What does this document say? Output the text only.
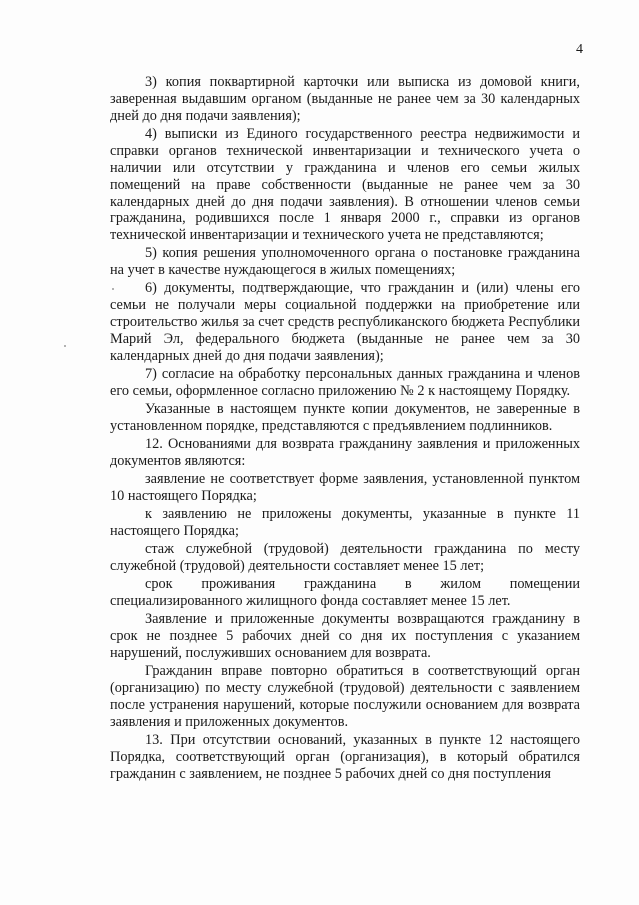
4

3) копия поквартирной карточки или выписка из домовой книги, заверенная выдавшим органом (выданные не ранее чем за 30 календарных дней до дня подачи заявления);

4) выписки из Единого государственного реестра недвижимости и справки органов технической инвентаризации и технического учета о наличии или отсутствии у гражданина и членов его семьи жилых помещений на праве собственности (выданные не ранее чем за 30 календарных дней до дня подачи заявления). В отношении членов семьи гражданина, родившихся после 1 января 2000 г., справки из органов технической инвентаризации и технического учета не представляются;

5) копия решения уполномоченного органа о постановке гражданина на учет в качестве нуждающегося в жилых помещениях;

6) документы, подтверждающие, что гражданин и (или) члены его семьи не получали меры социальной поддержки на приобретение или строительство жилья за счет средств республиканского бюджета Республики Марий Эл, федерального бюджета (выданные не ранее чем за 30 календарных дней до дня подачи заявления);

7) согласие на обработку персональных данных гражданина и членов его семьи, оформленное согласно приложению № 2 к настоящему Порядку.

Указанные в настоящем пункте копии документов, не заверенные в установленном порядке, представляются с предъявлением подлинников.

12. Основаниями для возврата гражданину заявления и приложенных документов являются:

заявление не соответствует форме заявления, установленной пунктом 10 настоящего Порядка;

к заявлению не приложены документы, указанные в пункте 11 настоящего Порядка;

стаж служебной (трудовой) деятельности гражданина по месту служебной (трудовой) деятельности составляет менее 15 лет;

срок проживания гражданина в жилом помещении специализированного жилищного фонда составляет менее 15 лет.

Заявление и приложенные документы возвращаются гражданину в срок не позднее 5 рабочих дней со дня их поступления с указанием нарушений, послуживших основанием для возврата.

Гражданин вправе повторно обратиться в соответствующий орган (организацию) по месту служебной (трудовой) деятельности с заявлением после устранения нарушений, которые послужили основанием для возврата заявления и приложенных документов.

13. При отсутствии оснований, указанных в пункте 12 настоящего Порядка, соответствующий орган (организация), в который обратился гражданин с заявлением, не позднее 5 рабочих дней со дня поступления
